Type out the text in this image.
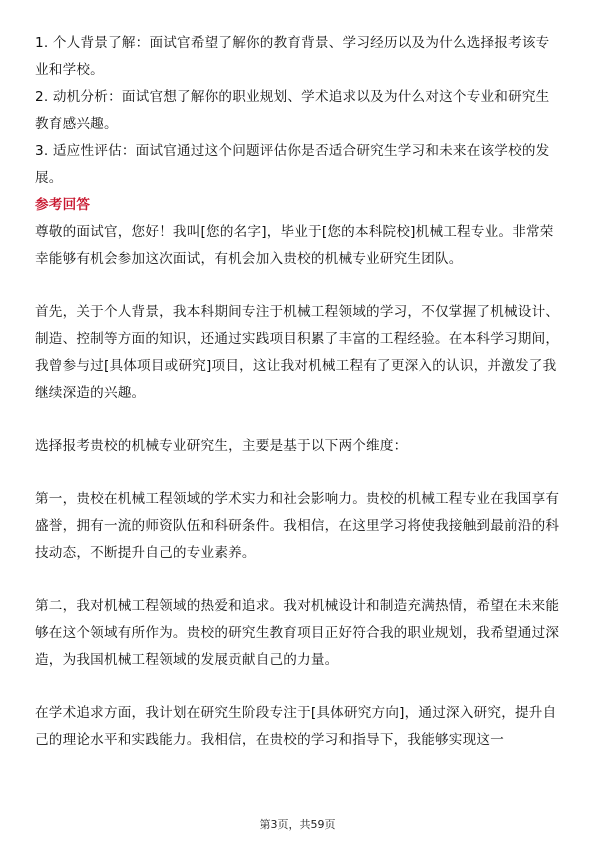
1. 个人背景了解：面试官希望了解你的教育背景、学习经历以及为什么选择报考该专业和学校。

2. 动机分析：面试官想了解你的职业规划、学术追求以及为什么对这个专业和研究生教育感兴趣。

3. 适应性评估：面试官通过这个问题评估你是否适合研究生学习和未来在该学校的发展。

参考回答

尊敬的面试官，您好！我叫[您的名字]，毕业于[您的本科院校]机械工程专业。非常荣幸能够有机会参加这次面试，有机会加入贵校的机械专业研究生团队。

首先，关于个人背景，我本科期间专注于机械工程领域的学习，不仅掌握了机械设计、制造、控制等方面的知识，还通过实践项目积累了丰富的工程经验。在本科学习期间，我曾参与过[具体项目或研究]项目，这让我对机械工程有了更深入的认识，并激发了我继续深造的兴趣。

选择报考贵校的机械专业研究生，主要是基于以下两个维度：

第一，贵校在机械工程领域的学术实力和社会影响力。贵校的机械工程专业在我国享有盛誉，拥有一流的师资队伍和科研条件。我相信，在这里学习将使我接触到最前沿的科技动态，不断提升自己的专业素养。

第二，我对机械工程领域的热爱和追求。我对机械设计和制造充满热情，希望在未来能够在这个领域有所作为。贵校的研究生教育项目正好符合我的职业规划，我希望通过深造，为我国机械工程领域的发展贡献自己的力量。

在学术追求方面，我计划在研究生阶段专注于[具体研究方向]，通过深入研究，提升自己的理论水平和实践能力。我相信，在贵校的学习和指导下，我能够实现这一

第3页，共59页
